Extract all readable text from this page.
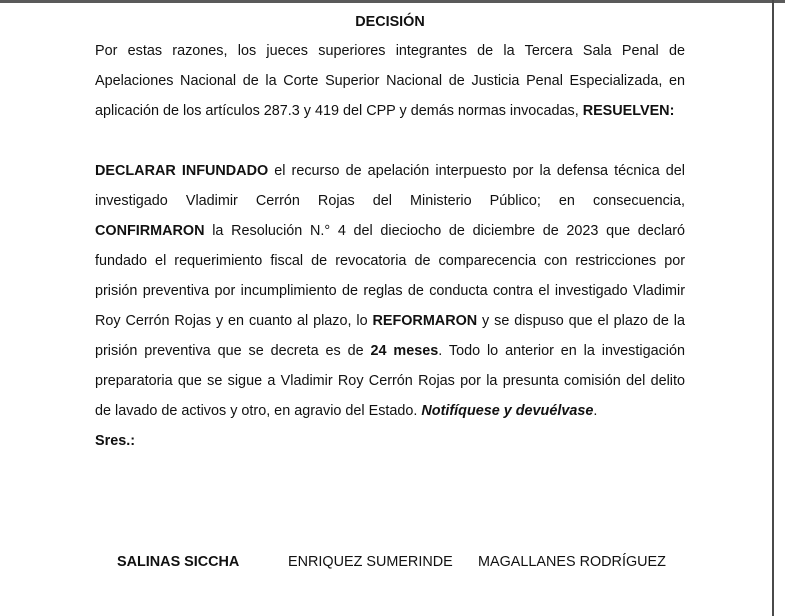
DECISIÓN

Por estas razones, los jueces superiores integrantes de la Tercera Sala Penal de Apelaciones Nacional de la Corte Superior Nacional de Justicia Penal Especializada, en aplicación de los artículos 287.3 y 419 del CPP y demás normas invocadas, RESUELVEN:

DECLARAR INFUNDADO el recurso de apelación interpuesto por la defensa técnica del investigado Vladimir Cerrón Rojas del Ministerio Público; en consecuencia, CONFIRMARON la Resolución N.° 4 del dieciocho de diciembre de 2023 que declaró fundado el requerimiento fiscal de revocatoria de comparecencia con restricciones por prisión preventiva por incumplimiento de reglas de conducta contra el investigado Vladimir Roy Cerrón Rojas y en cuanto al plazo, lo REFORMARON y se dispuso que el plazo de la prisión preventiva que se decreta es de 24 meses. Todo lo anterior en la investigación preparatoria que se sigue a Vladimir Roy Cerrón Rojas por la presunta comisión del delito de lavado de activos y otro, en agravio del Estado. Notifíquese y devuélvase.

Sres.:

SALINAS SICCHA	ENRIQUEZ SUMERINDE MAGALLANES RODRÍGUEZ
